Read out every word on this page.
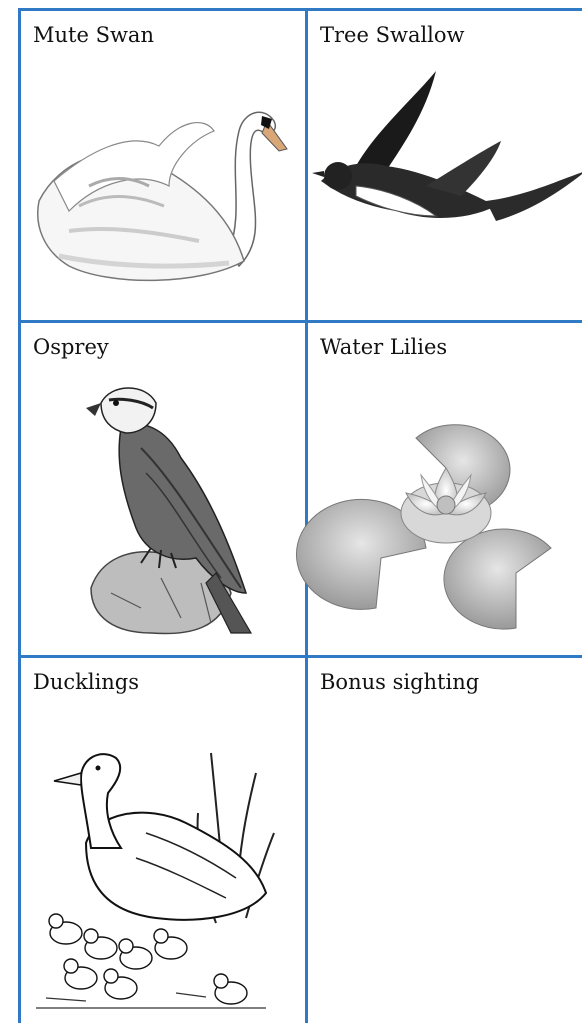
Mute Swan	Tree Swallow
Osprey	Water Lilies
Ducklings	Bonus sighting
